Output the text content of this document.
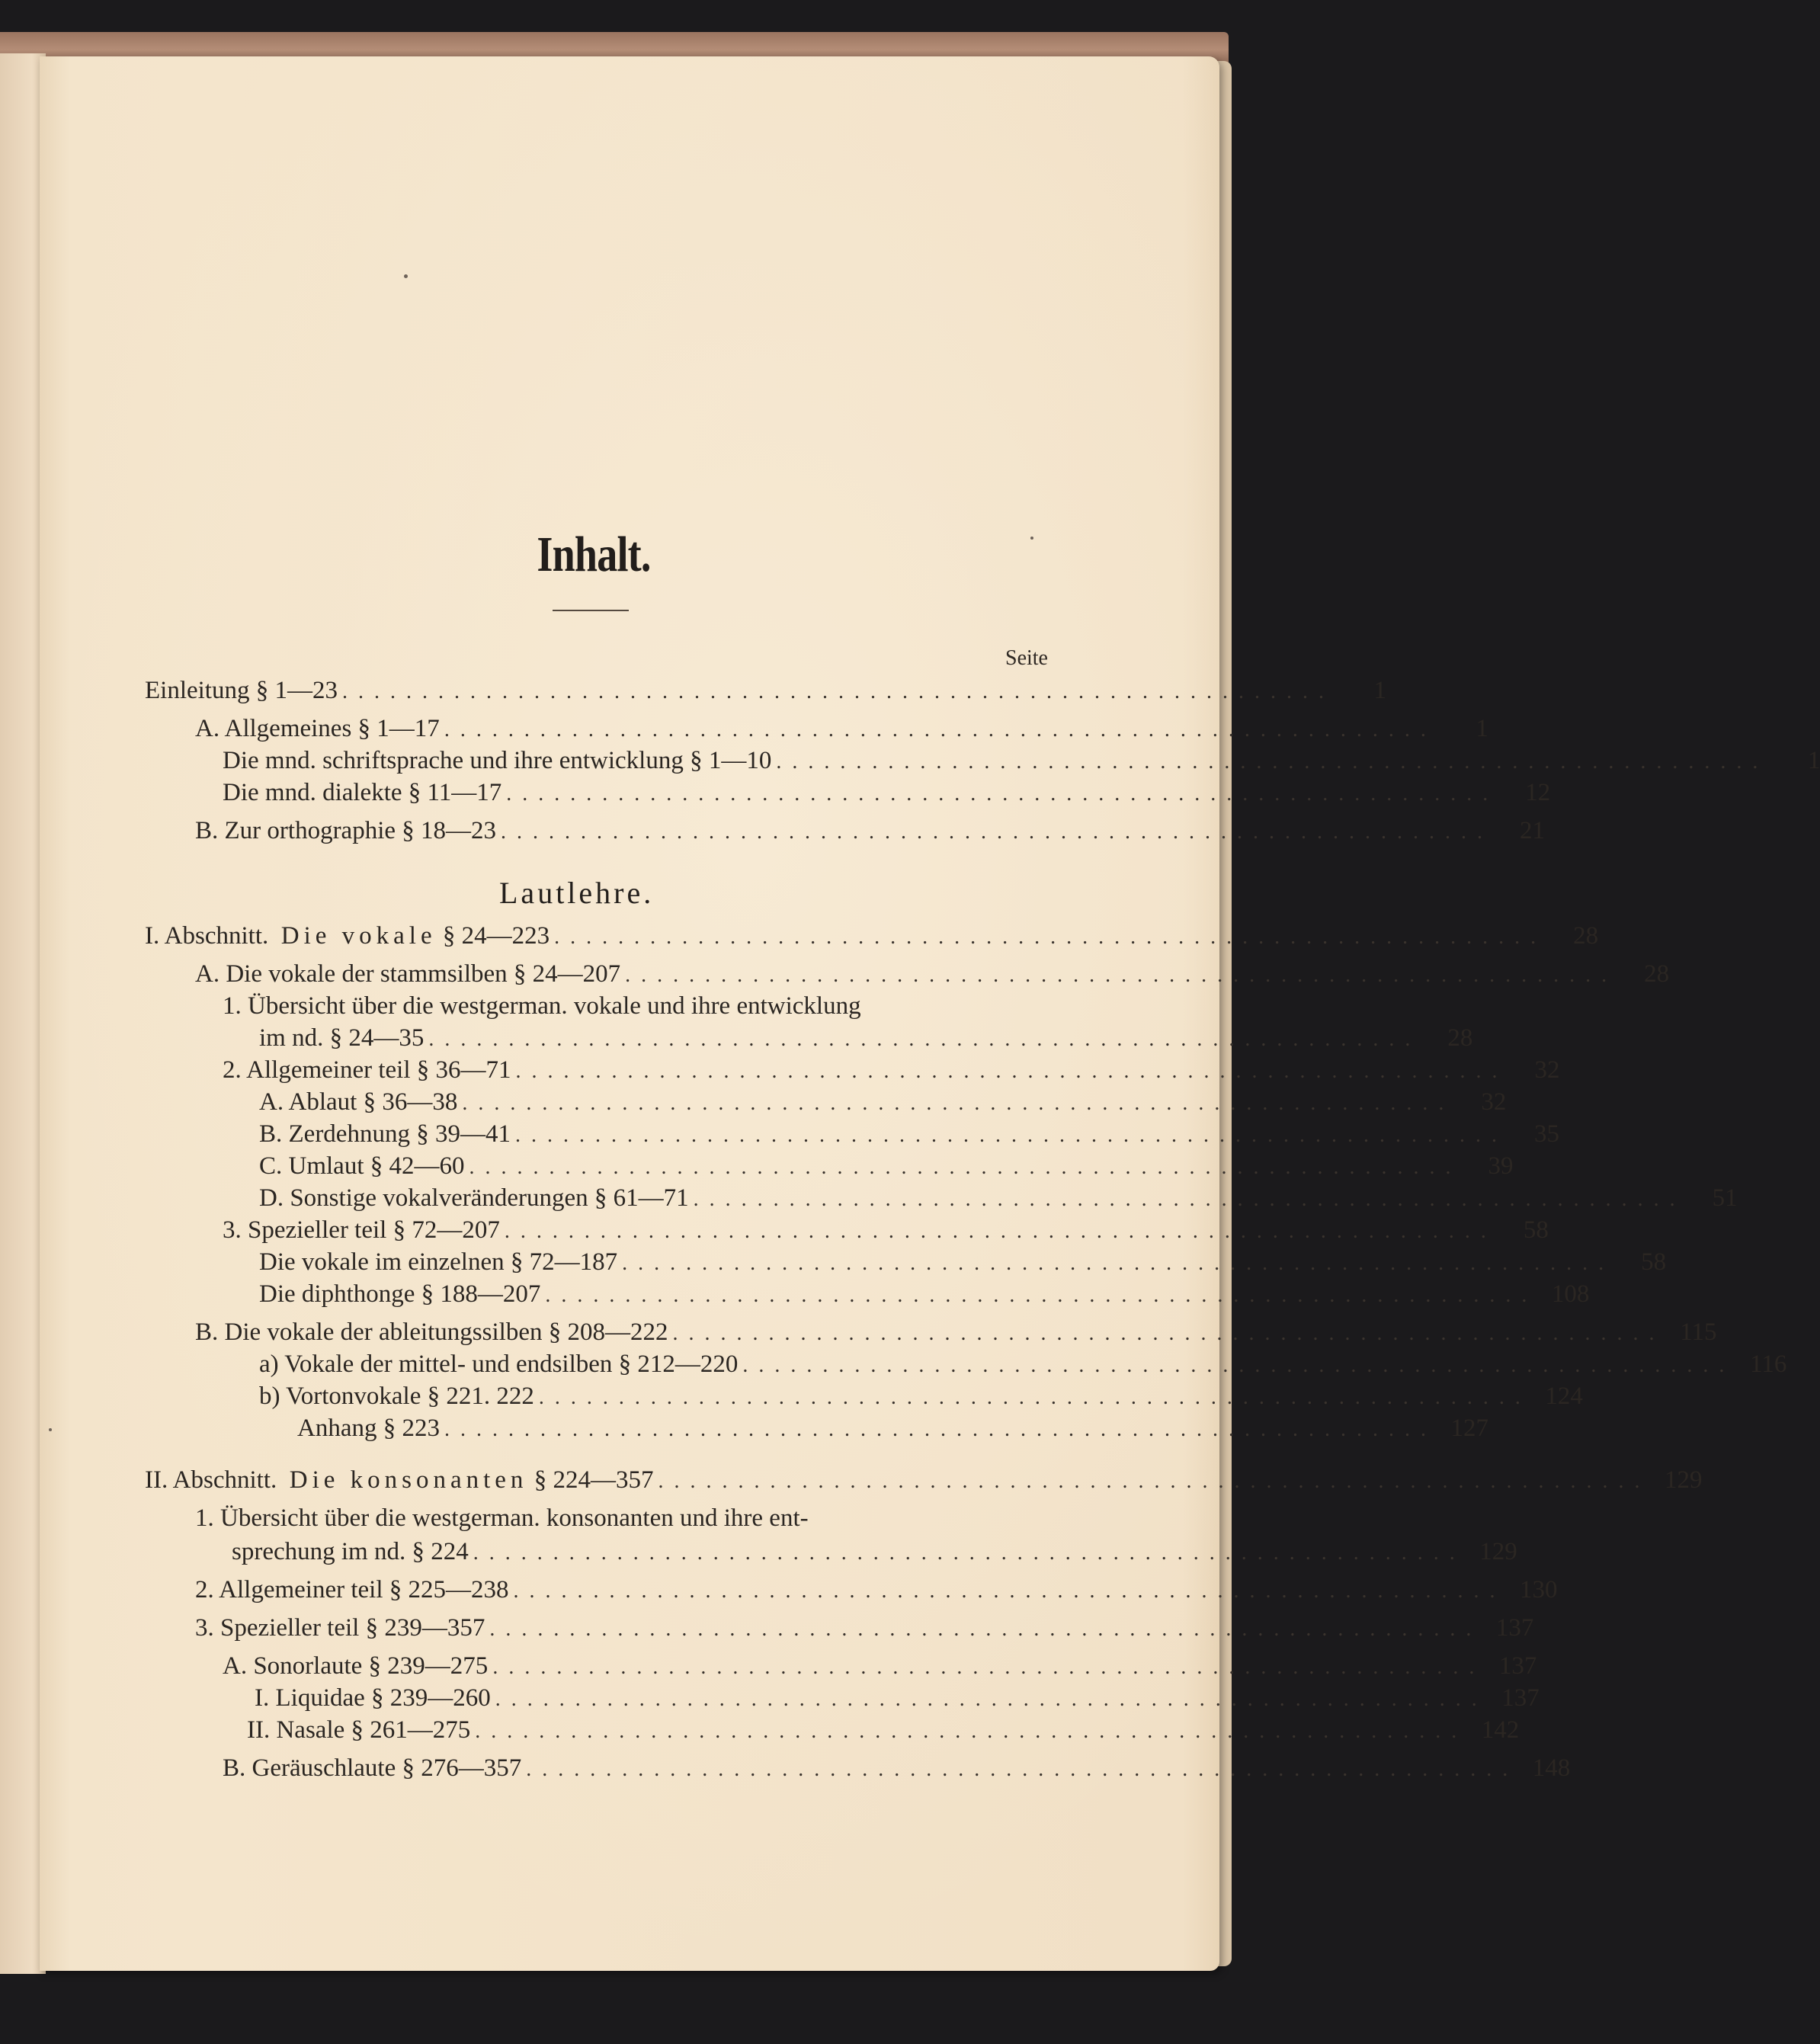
Inhalt.
Seite
Lautlehre.
Einleitung § 1—23 ..............................................................	1
A. Allgemeines § 1—17 ..............................................................	1
Die mnd. schriftsprache und ihre entwicklung § 1—10 ..............................................................	1
Die mnd. dialekte § 11—17 ..............................................................	12
B. Zur orthographie § 18—23 ..............................................................	21
I. Abschnitt. Die vokale § 24—223 ..............................................................	28
A. Die vokale der stammsilben § 24—207 ..............................................................	28
1. Übersicht über die westgerman. vokale und ihre entwicklung
im nd. § 24—35 ..............................................................	28
2. Allgemeiner teil § 36—71 ..............................................................	32
A. Ablaut § 36—38 ..............................................................	32
B. Zerdehnung § 39—41 ..............................................................	35
C. Umlaut § 42—60 ..............................................................	39
D. Sonstige vokalveränderungen § 61—71 ..............................................................	51
3. Spezieller teil § 72—207 ..............................................................	58
Die vokale im einzelnen § 72—187 ..............................................................	58
Die diphthonge § 188—207 .............................................................. 108
B. Die vokale der ableitungssilben § 208—222 .............................................................. 115
a) Vokale der mittel- und endsilben § 212—220 .............................................................. 116
b) Vortonvokale § 221. 222 .............................................................. 124
Anhang § 223 .............................................................. 127
II. Abschnitt. Die konsonanten § 224—357 .............................................................. 129
1. Übersicht über die westgerman. konsonanten und ihre ent-
sprechung im nd. § 224 .............................................................. 129
2. Allgemeiner teil § 225—238 .............................................................. 130
3. Spezieller teil § 239—357 .............................................................. 137
A. Sonorlaute § 239—275 .............................................................. 137
I. Liquidae § 239—260 .............................................................. 137
II. Nasale § 261—275 .............................................................. 142
B. Geräuschlaute § 276—357 .............................................................. 148
